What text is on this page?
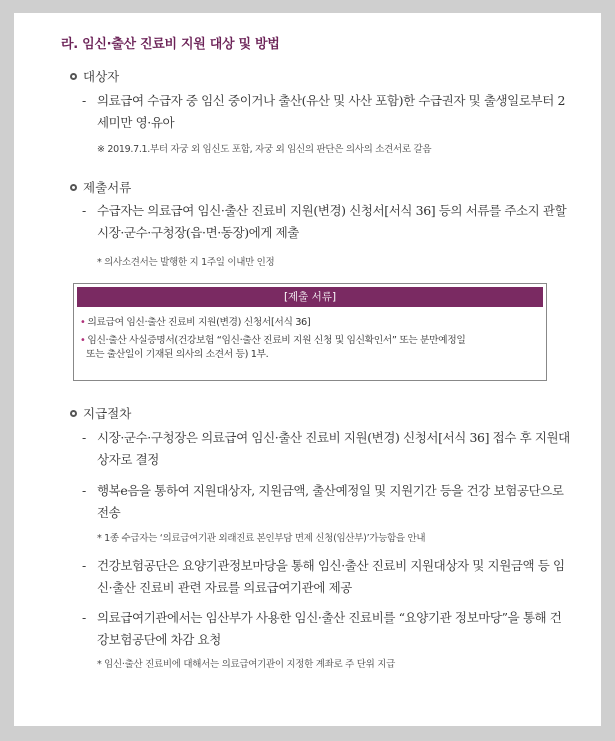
라. 임신·출산 진료비 지원 대상 및 방법
대상자
- 의료급여 수급자 중 임신 중이거나 출산(유산 및 사산 포함)한 수급권자 및 출생일로부터 2세미만 영·유아
※ 2019.7.1.부터 자궁 외 임신도 포함, 자궁 외 임신의 판단은 의사의 소견서로 갈음
제출서류
- 수급자는 의료급여 임신·출산 진료비 지원(변경) 신청서[서식 36] 등의 서류를 주소지 관할 시장·군수·구청장(읍·면·동장)에게 제출
* 의사소견서는 발행한 지 1주일 이내만 인정
[제출 서류]
• 의료급여 임신·출산 진료비 지원(변경) 신청서[서식 36]
• 임신·출산 사실증명서(건강보험 “임신·출산 진료비 지원 신청 및 임신확인서” 또는 분만예정일
또는 출산일이 기재된 의사의 소견서 등) 1부.
지급절차
- 시장·군수·구청장은 의료급여 임신·출산 진료비 지원(변경) 신청서[서식 36] 접수 후 지원대상자로 결정
- 행복e음을 통하여 지원대상자, 지원금액, 출산예정일 및 지원기간 등을 건강 보험공단으로 전송
* 1종 수급자는 ‘의료급여기관 외래진료 본인부담 면제 신청(임산부)’가능함을 안내
- 건강보험공단은 요양기관정보마당을 통해 임신·출산 진료비 지원대상자 및 지원금액 등 임신·출산 진료비 관련 자료를 의료급여기관에 제공
- 의료급여기관에서는 임산부가 사용한 임신·출산 진료비를 “요양기관 정보마당”을 통해 건강보험공단에 차감 요청
* 임신·출산 진료비에 대해서는 의료급여기관이 지정한 계좌로 주 단위 지급
